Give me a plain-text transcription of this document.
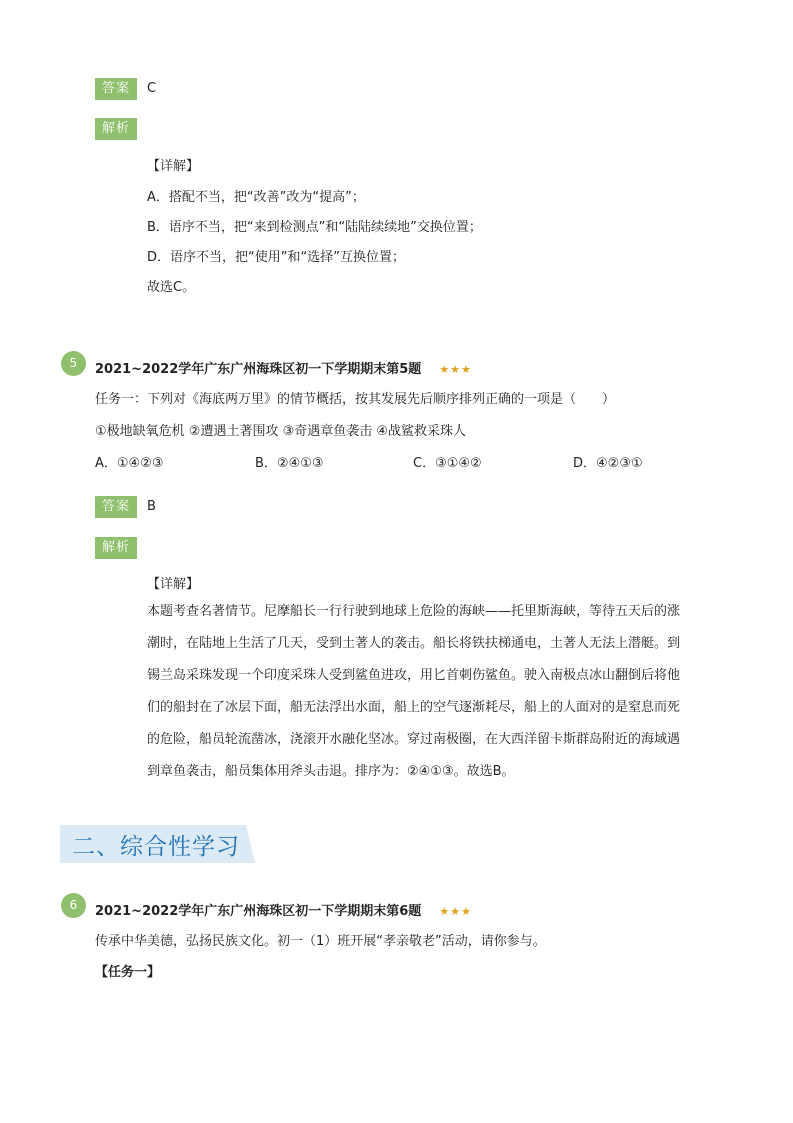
答案	C
解析
【详解】
A．搭配不当，把“改善”改为“提高”；
B．语序不当，把“来到检测点”和“陆陆续续地”交换位置；
D．语序不当，把“使用”和“选择”互换位置；
故选C。
5	2021~2022学年广东广州海珠区初一下学期期末第5题 ★★★
任务一：下列对《海底两万里》的情节概括，按其发展先后顺序排列正确的一项是（　　）
①极地缺氧危机 ②遭遇土著围攻 ③奇遇章鱼袭击 ④战鲨救采珠人
A．①④②③	B．②④①③	C．③①④②	D．④②③①
答案	B
解析
【详解】
本题考查名著情节。尼摩船长一行行驶到地球上危险的海峡——托里斯海峡，等待五天后的涨
潮时，在陆地上生活了几天，受到土著人的袭击。船长将铁扶梯通电，土著人无法上潜艇。到
锡兰岛采珠发现一个印度采珠人受到鲨鱼进攻，用匕首刺伤鲨鱼。驶入南极点冰山翻倒后将他
们的船封在了冰层下面，船无法浮出水面，船上的空气逐渐耗尽，船上的人面对的是窒息而死
的危险，船员轮流凿冰，浇滚开水融化坚冰。穿过南极圈，在大西洋留卡斯群岛附近的海域遇
到章鱼袭击，船员集体用斧头击退。排序为：②④①③。故选B。
二、综合性学习
6	2021~2022学年广东广州海珠区初一下学期期末第6题 ★★★
传承中华美德，弘扬民族文化。初一（1）班开展“孝亲敬老”活动，请你参与。
【任务一】
